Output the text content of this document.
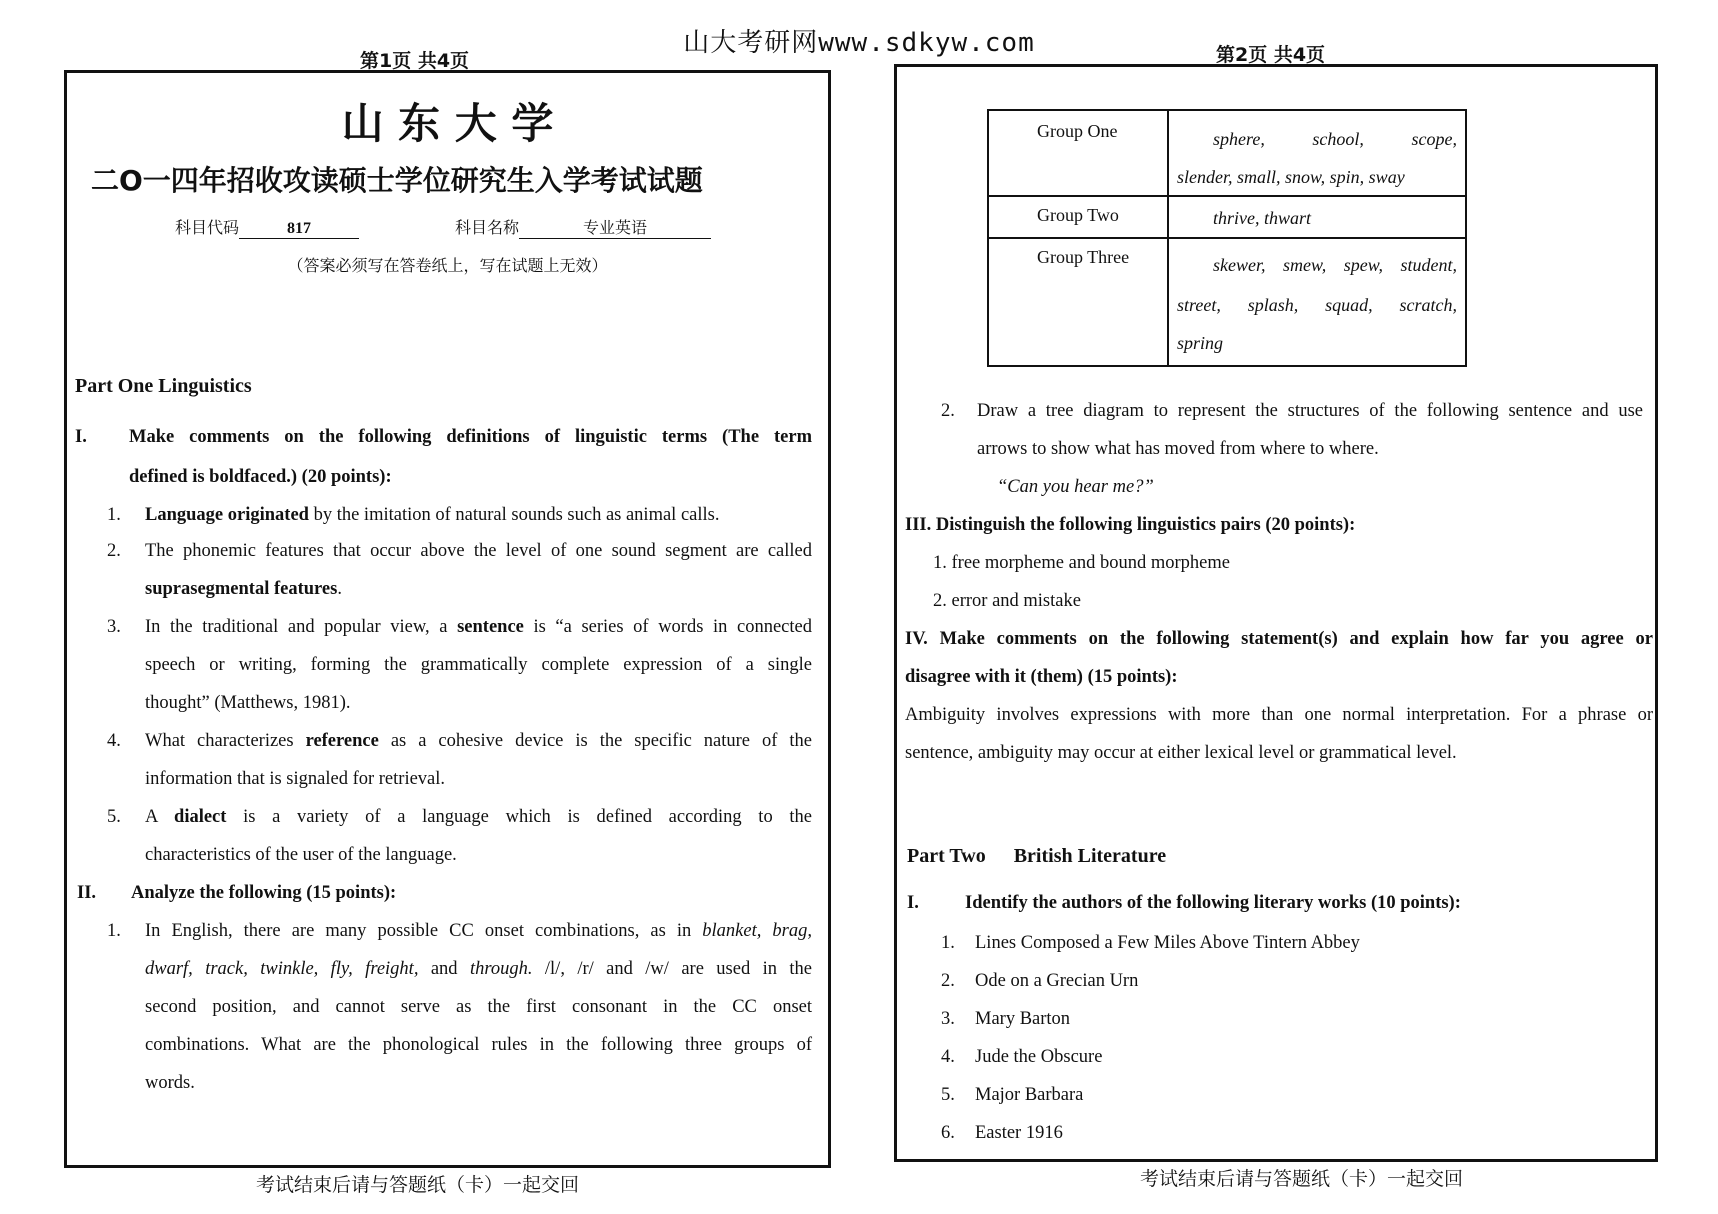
山大考研网www.sdkyw.com
第1页 共4页
山 东 大 学
二O一四年招收攻读硕士学位研究生入学考试试题
科目代码	817	科目名称	专业英语
（答案必须写在答卷纸上，写在试题上无效）
Part One Linguistics
I. Make comments on the following definitions of linguistic terms (The term
defined is boldfaced.) (20 points):
1. Language originated by the imitation of natural sounds such as animal calls.
2. The phonemic features that occur above the level of one sound segment are called
suprasegmental features.
3. In the traditional and popular view, a sentence is “a series of words in connected
speech or writing, forming the grammatically complete expression of a single
thought” (Matthews, 1981).
4. What characterizes reference as a cohesive device is the specific nature of the
information that is signaled for retrieval.
5. A dialect is a variety of a language which is defined according to the
characteristics of the user of the language.
II. Analyze the following (15 points):
1. In English, there are many possible CC onset combinations, as in blanket, brag,
dwarf, track, twinkle, fly, freight, and through. /l/, /r/ and /w/ are used in the
second position, and cannot serve as the first consonant in the CC onset
combinations. What are the phonological rules in the following three groups of
words.
考试结束后请与答题纸（卡）一起交回
第2页 共4页
Group One	sphere, school, scope,
slender, small, snow, spin, sway

Group Two	thrive, thwart

Group Three	skewer, smew, spew, student,
street, splash, squad, scratch,
spring
2. Draw a tree diagram to represent the structures of the following sentence and use
arrows to show what has moved from where to where.
“Can you hear me?”
III. Distinguish the following linguistics pairs (20 points):
1. free morpheme and bound morpheme
2. error and mistake
IV. Make comments on the following statement(s) and explain how far you agree or
disagree with it (them) (15 points):
Ambiguity involves expressions with more than one normal interpretation. For a phrase or
sentence, ambiguity may occur at either lexical level or grammatical level.
Part Two British Literature
I. Identify the authors of the following literary works (10 points):
1. Lines Composed a Few Miles Above Tintern Abbey
2. Ode on a Grecian Urn
3. Mary Barton
4. Jude the Obscure
5. Major Barbara
6. Easter 1916
考试结束后请与答题纸（卡）一起交回
